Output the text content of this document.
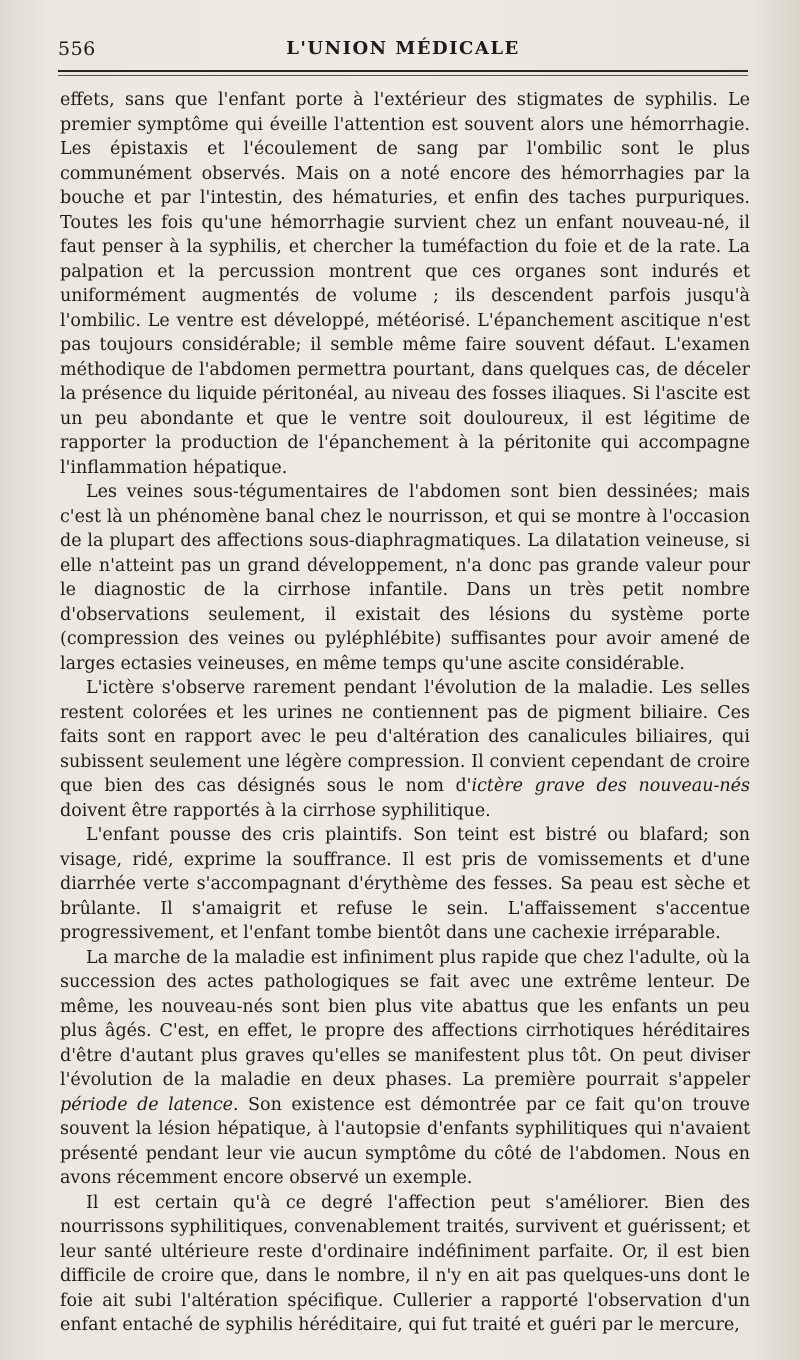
556	L'UNION MÉDICALE

effets, sans que l'enfant porte à l'extérieur des stigmates de syphilis. Le premier symptôme qui éveille l'attention est souvent alors une hémorrhagie. Les épistaxis et l'écoulement de sang par l'ombilic sont le plus communément observés. Mais on a noté encore des hémorrhagies par la bouche et par l'intestin, des hématuries, et enfin des taches purpuriques. Toutes les fois qu'une hémorrhagie survient chez un enfant nouveau-né, il faut penser à la syphilis, et chercher la tuméfaction du foie et de la rate. La palpation et la percussion montrent que ces organes sont indurés et uniformément augmentés de volume ; ils descendent parfois jusqu'à l'ombilic. Le ventre est développé, météorisé. L'épanchement ascitique n'est pas toujours considérable; il semble même faire souvent défaut. L'examen méthodique de l'abdomen permettra pourtant, dans quelques cas, de déceler la présence du liquide péritonéal, au niveau des fosses iliaques. Si l'ascite est un peu abondante et que le ventre soit douloureux, il est légitime de rapporter la production de l'épanchement à la péritonite qui accompagne l'inflammation hépatique.

Les veines sous-tégumentaires de l'abdomen sont bien dessinées; mais c'est là un phénomène banal chez le nourrisson, et qui se montre à l'occasion de la plupart des affections sous-diaphragmatiques. La dilatation veineuse, si elle n'atteint pas un grand développement, n'a donc pas grande valeur pour le diagnostic de la cirrhose infantile. Dans un très petit nombre d'observations seulement, il existait des lésions du système porte (compression des veines ou pyléphlébite) suffisantes pour avoir amené de larges ectasies veineuses, en même temps qu'une ascite considérable.

L'ictère s'observe rarement pendant l'évolution de la maladie. Les selles restent colorées et les urines ne contiennent pas de pigment biliaire. Ces faits sont en rapport avec le peu d'altération des canalicules biliaires, qui subissent seulement une légère compression. Il convient cependant de croire que bien des cas désignés sous le nom d'ictère grave des nouveau-nés doivent être rapportés à la cirrhose syphilitique.

L'enfant pousse des cris plaintifs. Son teint est bistré ou blafard; son visage, ridé, exprime la souffrance. Il est pris de vomissements et d'une diarrhée verte s'accompagnant d'érythème des fesses. Sa peau est sèche et brûlante. Il s'amaigrit et refuse le sein. L'affaissement s'accentue progressivement, et l'enfant tombe bientôt dans une cachexie irréparable.

La marche de la maladie est infiniment plus rapide que chez l'adulte, où la succession des actes pathologiques se fait avec une extrême lenteur. De même, les nouveau-nés sont bien plus vite abattus que les enfants un peu plus âgés. C'est, en effet, le propre des affections cirrhotiques héréditaires d'être d'autant plus graves qu'elles se manifestent plus tôt. On peut diviser l'évolution de la maladie en deux phases. La première pourrait s'appeler période de latence. Son existence est démontrée par ce fait qu'on trouve souvent la lésion hépatique, à l'autopsie d'enfants syphilitiques qui n'avaient présenté pendant leur vie aucun symptôme du côté de l'abdomen. Nous en avons récemment encore observé un exemple.

Il est certain qu'à ce degré l'affection peut s'améliorer. Bien des nourrissons syphilitiques, convenablement traités, survivent et guérissent; et leur santé ultérieure reste d'ordinaire indéfiniment parfaite. Or, il est bien difficile de croire que, dans le nombre, il n'y en ait pas quelques-uns dont le foie ait subi l'altération spécifique. Cullerier a rapporté l'observation d'un enfant entaché de syphilis héréditaire, qui fut traité et guéri par le mercure,
